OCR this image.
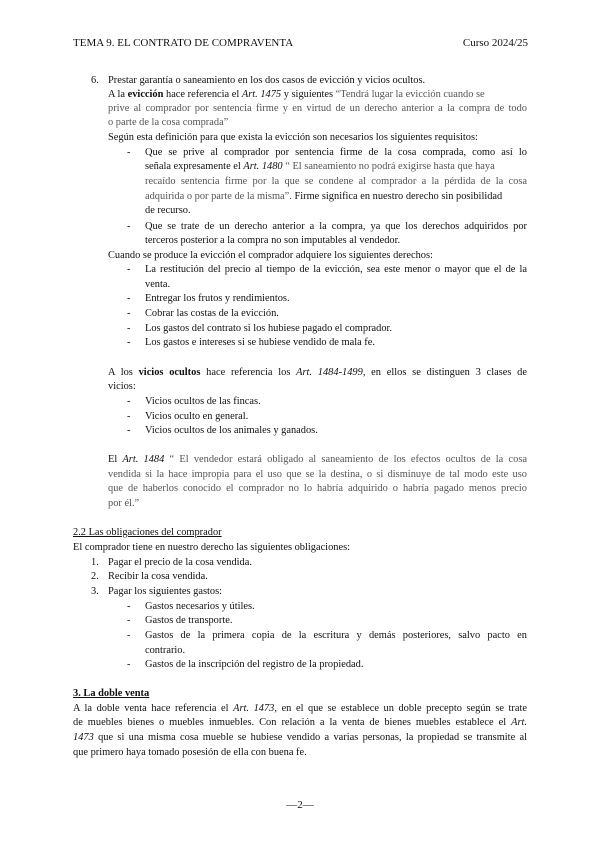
TEMA 9. EL CONTRATO DE COMPRAVENTA	Curso 2024/25
6. Prestar garantía o saneamiento en los dos casos de evicción y vicios ocultos.
A la evicción hace referencia el Art. 1475 y siguientes “Tendrá lugar la evicción cuando se
prive al comprador por sentencia firme y en virtud de un derecho anterior a la compra de todo
o parte de la cosa comprada”
Según esta definición para que exista la evicción son necesarios los siguientes requisitos:
- Que se prive al comprador por sentencia firme de la cosa comprada, como así lo
señala expresamente el Art. 1480 “ El saneamiento no podrá exigirse hasta que haya
recaído sentencia firme por la que se condene al comprador a la pérdida de la cosa
adquirida o por parte de la misma”. Firme significa en nuestro derecho sin posibilidad
de recurso.
- Que se trate de un derecho anterior a la compra, ya que los derechos adquiridos por
terceros posterior a la compra no son imputables al vendedor.
Cuando se produce la evicción el comprador adquiere los siguientes derechos:
- La restitución del precio al tiempo de la evicción, sea este menor o mayor que el de la
venta.
- Entregar los frutos y rendimientos.
- Cobrar las costas de la evicción.
- Los gastos del contrato si los hubiese pagado el comprador.
- Los gastos e intereses si se hubiese vendido de mala fe.
A los vicios ocultos hace referencia los Art. 1484-1499, en ellos se distinguen 3 clases de
vicios:
- Vicios ocultos de las fincas.
- Vicios oculto en general.
- Vicios ocultos de los animales y ganados.
El Art. 1484 “ El vendedor estará obligado al saneamiento de los efectos ocultos de la cosa
vendida si la hace impropia para el uso que se la destina, o si disminuye de tal modo este uso
que de haberlos conocido el comprador no lo habría adquirido o habría pagado menos precio
por él.”
2.2 Las obligaciones del comprador
El comprador tiene en nuestro derecho las siguientes obligaciones:
1. Pagar el precio de la cosa vendida.
2. Recibir la cosa vendida.
3. Pagar los siguientes gastos:
- Gastos necesarios y útiles.
- Gastos de transporte.
- Gastos de la primera copia de la escritura y demás posteriores, salvo pacto en
contrario.
- Gastos de la inscripción del registro de la propiedad.
3. La doble venta
A la doble venta hace referencia el Art. 1473, en el que se establece un doble precepto según se trate
de muebles bienes o muebles inmuebles. Con relación a la venta de bienes muebles establece el Art.
1473 que si una misma cosa mueble se hubiese vendido a varias personas, la propiedad se transmite al
que primero haya tomado posesión de ella con buena fe.
—2—
